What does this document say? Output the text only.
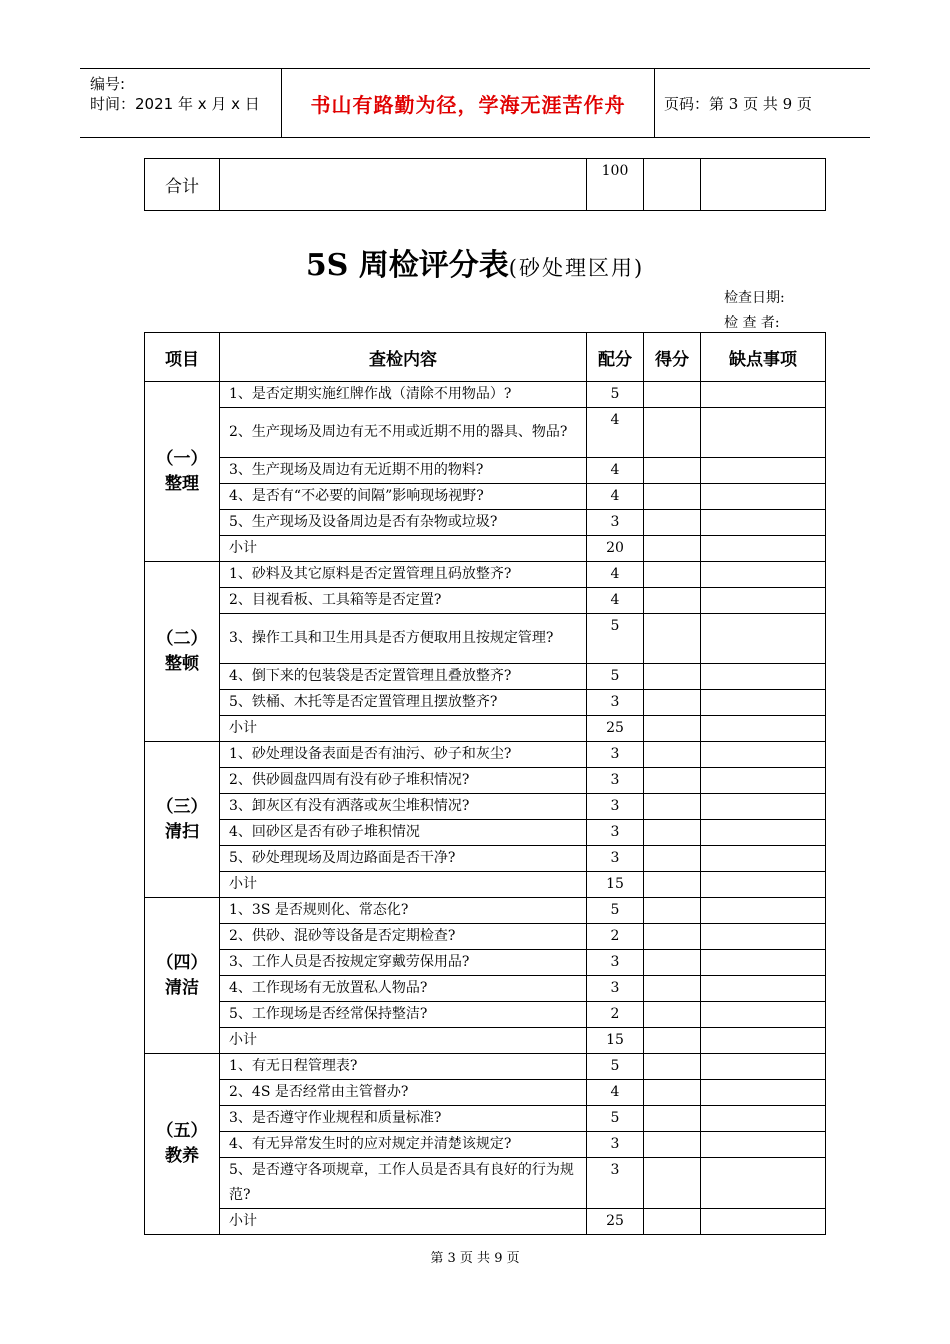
编号:
时间：2021 年 x 月 x 日	书山有路勤为径，学海无涯苦作舟	页码：第 3 页 共 9 页
合计		100		
5S 周检评分表(砂处理区用)
检查日期:
检 查 者:
项目	查检内容	配分	得分	缺点事项

（一）
整理	1、是否定期实施红牌作战（清除不用物品）?	5		
	2、生产现场及周边有无不用或近期不用的器具、物品?	4		
	3、生产现场及周边有无近期不用的物料?	4		
	4、是否有“不必要的间隔”影响现场视野?	4		
	5、生产现场及设备周边是否有杂物或垃圾?	3		
	小计	20		

（二）
整顿	1、砂料及其它原料是否定置管理且码放整齐?	4		
	2、目视看板、工具箱等是否定置?	4		
	3、操作工具和卫生用具是否方便取用且按规定管理?	5		
	4、倒下来的包装袋是否定置管理且叠放整齐?	5		
	5、铁桶、木托等是否定置管理且摆放整齐?	3		
	小计	25		

（三）
清扫	1、砂处理设备表面是否有油污、砂子和灰尘?	3		
	2、供砂圆盘四周有没有砂子堆积情况?	3		
	3、卸灰区有没有洒落或灰尘堆积情况?	3		
	4、回砂区是否有砂子堆积情况	3		
	5、砂处理现场及周边路面是否干净?	3		
	小计	15		

（四）
清洁	1、3S 是否规则化、常态化?	5		
	2、供砂、混砂等设备是否定期检查?	2		
	3、工作人员是否按规定穿戴劳保用品?	3		
	4、工作现场有无放置私人物品?	3		
	5、工作现场是否经常保持整洁?	2		
	小计	15		

（五）
教养	1、有无日程管理表?	5		
	2、4S 是否经常由主管督办?	4		
	3、是否遵守作业规程和质量标准?	5		
	4、有无异常发生时的应对规定并清楚该规定?	3		
	5、是否遵守各项规章，工作人员是否具有良好的行为规范?	3		
	小计	25		
第 3 页 共 9 页
